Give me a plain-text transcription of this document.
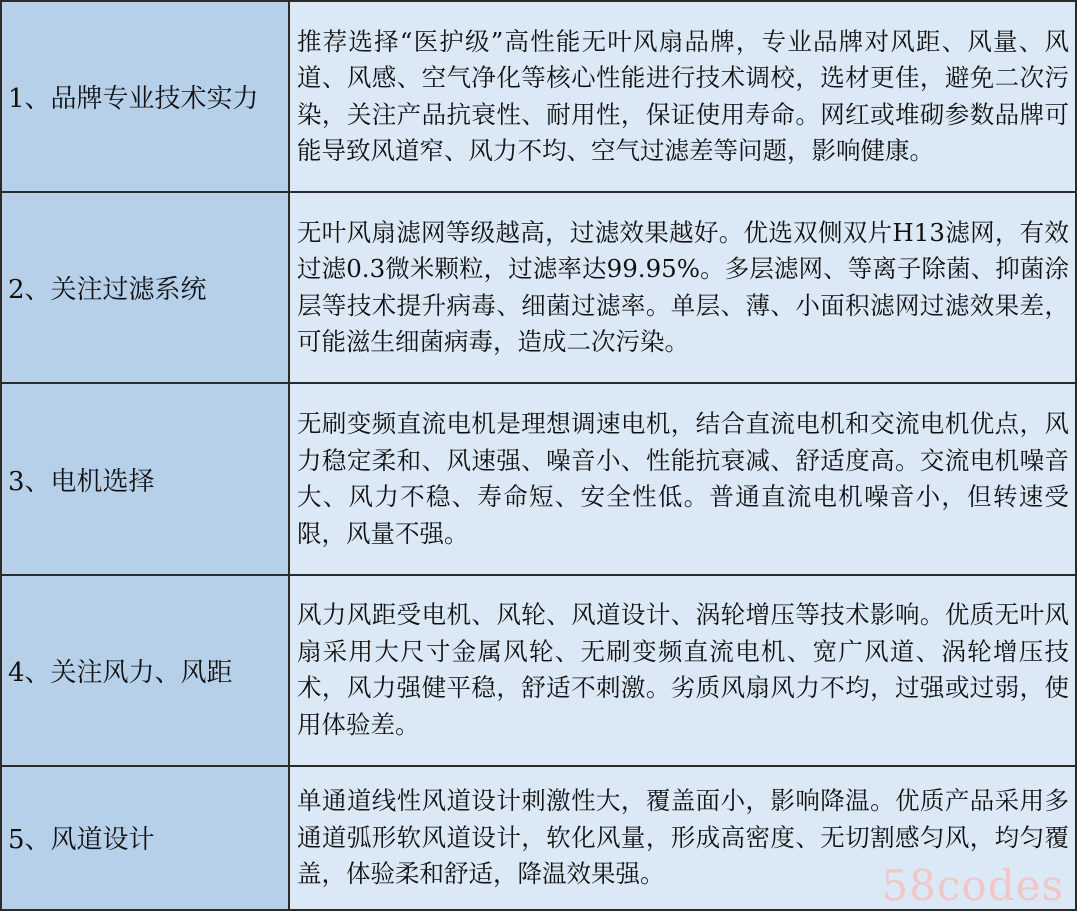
1、品牌专业技术实力	推荐选择“医护级”高性能无叶风扇品牌，专业品牌对风距、风量、风道、风感、空气净化等核心性能进行技术调校，选材更佳，避免二次污染，关注产品抗衰性、耐用性，保证使用寿命。网红或堆砌参数品牌可能导致风道窄、风力不均、空气过滤差等问题，影响健康。
2、关注过滤系统	无叶风扇滤网等级越高，过滤效果越好。优选双侧双片H13滤网，有效过滤0.3微米颗粒，过滤率达99.95%。多层滤网、等离子除菌、抑菌涂层等技术提升病毒、细菌过滤率。单层、薄、小面积滤网过滤效果差，可能滋生细菌病毒，造成二次污染。
3、电机选择	无刷变频直流电机是理想调速电机，结合直流电机和交流电机优点，风力稳定柔和、风速强、噪音小、性能抗衰减、舒适度高。交流电机噪音大、风力不稳、寿命短、安全性低。普通直流电机噪音小，但转速受限，风量不强。
4、关注风力、风距	风力风距受电机、风轮、风道设计、涡轮增压等技术影响。优质无叶风扇采用大尺寸金属风轮、无刷变频直流电机、宽广风道、涡轮增压技术，风力强健平稳，舒适不刺激。劣质风扇风力不均，过强或过弱，使用体验差。
5、风道设计	单通道线性风道设计刺激性大，覆盖面小，影响降温。优质产品采用多通道弧形软风道设计，软化风量，形成高密度、无切割感匀风，均匀覆盖，体验柔和舒适，降温效果强。	58codes
